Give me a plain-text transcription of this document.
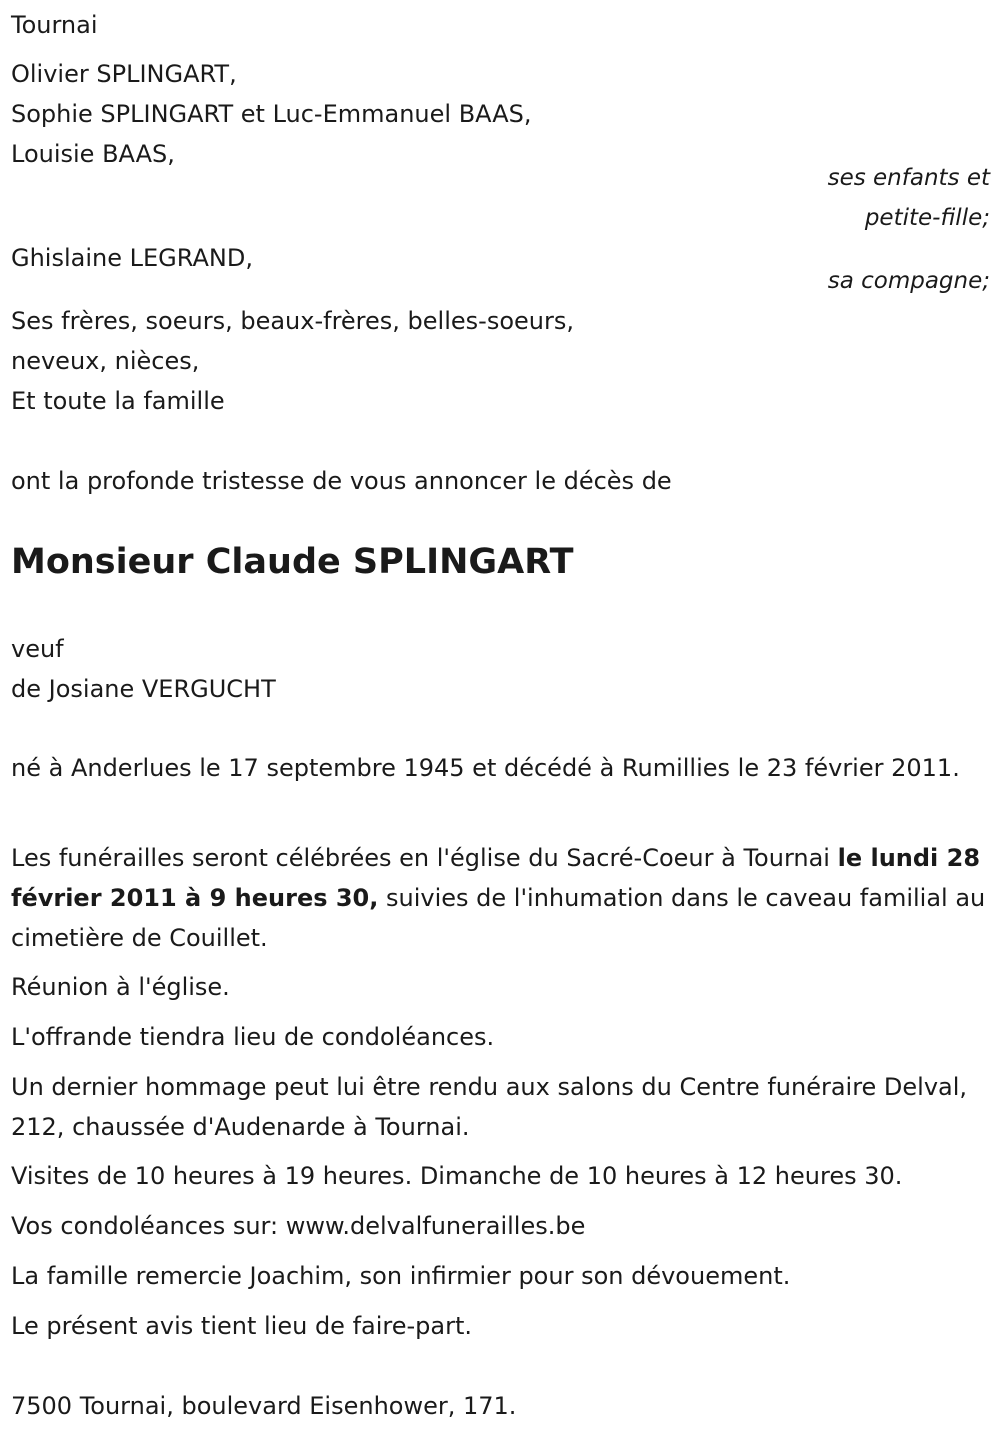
Tournai
Olivier SPLINGART,
Sophie SPLINGART et Luc-Emmanuel BAAS,
Louisie BAAS,
ses enfants et
petite-fille;
Ghislaine LEGRAND,
sa compagne;
Ses frères, soeurs, beaux-frères, belles-soeurs,
neveux, nièces,
Et toute la famille
ont la profonde tristesse de vous annoncer le décès de
Monsieur Claude SPLINGART
veuf
de Josiane VERGUCHT
né à Anderlues le 17 septembre 1945 et décédé à Rumillies le 23 février 2011.
Les funérailles seront célébrées en l'église du Sacré-Coeur à Tournai le lundi 28 février 2011 à 9 heures 30, suivies de l'inhumation dans le caveau familial au cimetière de Couillet.
Réunion à l'église.
L'offrande tiendra lieu de condoléances.
Un dernier hommage peut lui être rendu aux salons du Centre funéraire Delval, 212, chaussée d'Audenarde à Tournai.
Visites de 10 heures à 19 heures. Dimanche de 10 heures à 12 heures 30.
Vos condoléances sur: www.delvalfunerailles.be
La famille remercie Joachim, son infirmier pour son dévouement.
Le présent avis tient lieu de faire-part.
7500 Tournai, boulevard Eisenhower, 171.
